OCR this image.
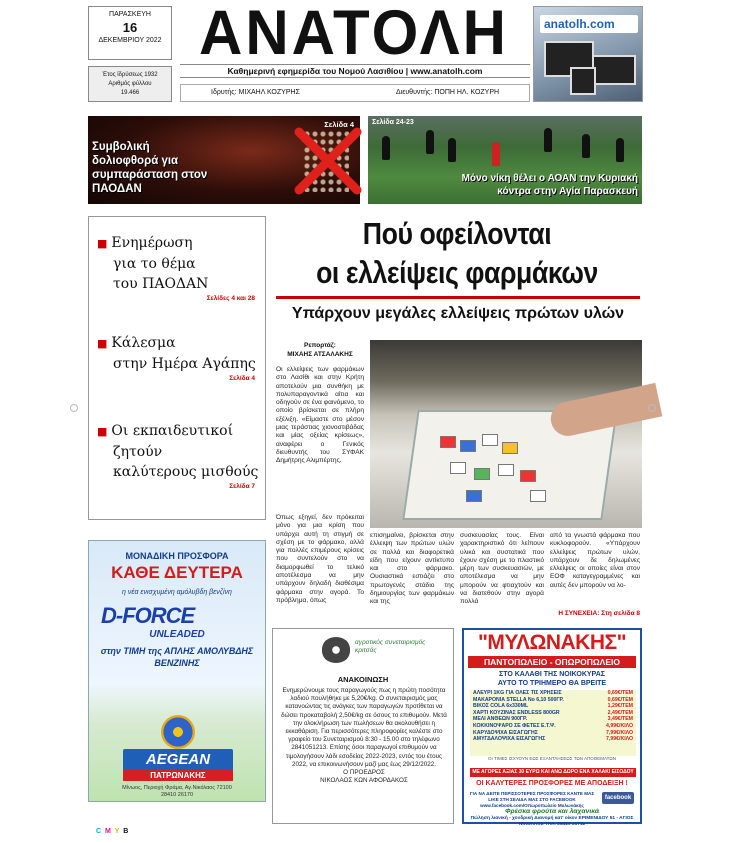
ΠΑΡΑΣΚΕΥΗ
16
ΔΕΚΕΜΒΡΙΟΥ 2022
Έτος ίδρύσεως 1932
Αριθμός φύλλου
19.466
ΑΝΑΤΟΛΗ
Καθημερινή εφημερίδα του Νομού Λασιθίου | www.anatolh.com
Ιδρυτής: ΜΙΧΑΗΛ ΚΟΖΥΡΗΣ	Διευθυντής: ΠΟΠΗ ΗΛ. ΚΟΖΥΡΗ
anatolh.com
Σελίδα 4
Συμβολική δολιοφθορά για συμπαράσταση στον ΠΑΟΔΑΝ
Σελίδα 24-23
Μόνο νίκη θέλει ο ΑΟΑΝ την Κυριακή κόντρα στην Αγία Παρασκευή
■ Ενημέρωση
για το θέμα
του ΠΑΟΔΑΝ
Σελίδες 4 και 28
■ Κάλεσμα
στην Ημέρα Αγάπης
Σελίδα 4
■ Οι εκπαιδευτικοί
ζητούν
καλύτερους μισθούς
Σελίδα 7
Πού οφείλονται
οι ελλείψεις φαρμάκων
Υπάρχουν μεγάλες ελλείψεις πρώτων υλών
Ρεπορτάζ:
ΜΙΧΑΗΣ ΑΤΣΑΛΑΚΗΣ
Οι ελλείψεις των φαρμάκων στο Λασίθι και στην Κρήτη αποτελούν μια συνθήκη με πολυπαραγοντικά αίτια και οδηγούν σε ένα φαινόμενο, το οποίο βρίσκεται σε πλήρη εξέλιξη. «Είμαστε στο μέσον μιας τεράστιας χιονοστιβάδας και μίας οξείας κρίσεως», αναφέρει ο Γενικός διευθυντής του ΣΥΦΑΚ Δημήτρης Αλιμπέρτης.
Όπως εξηγεί, δεν πρόκειται μόνο για μια κρίση που υπάρχει αυτή τη στιγμή σε σχέση με το φάρμακο, αλλά για πολλές επιμέρους κρίσεις που συντελούν στο να διαμορφωθεί το τελικό αποτέλεσμα να μην υπάρχουν δηλαδή διαθέσιμα φάρμακα στην αγορά. Το πρόβλημα, όπως
επισημαίνει, βρίσκεται στην έλλειψη των πρώτων υλών σε πολλά και διαφορετικά είδη που είχουν αντίκτυπο και στο φάρμακο. Ουσιαστικά εστιάζει στο πρωτογενές στάδιο της δημιουργίας των φαρμάκων και της
συσκευασίας τους. Είναι χαρακτηριστικό ότι λείπουν υλικά και συστατικά που έχουν σχέση με το πλαστικό μέρη των συσκευασιών, με αποτέλεσμα να μην μπορούν να φτιαχτούν και να διατεθούν στην αγορά πολλά
από τα γνωστά φάρμακα που κυκλοφορούν. «Υπάρχουν ελλείψεις πρώτων υλών, υπάρχουν δε δηλωμένες ελλείψεις οι οποίες είναι στον ΕΟΦ καταγεγραμμένες και αυτές δεν μπορούν να λο-
Η ΣΥΝΕΧΕΙΑ: Στη σελίδα 8
ΜΟΝΑΔΙΚΗ ΠΡΟΣΦΟΡΑ
ΚΑΘΕ ΔΕΥΤΕΡΑ
η νέα ενισχυμένη αμόλυβδη βενζίνη
D-FORCE
UNLEADED
στην ΤΙΜΗ της ΑΠΛΗΣ ΑΜΟΛΥΒΔΗΣ ΒΕΝΖΙΝΗΣ
AEGEAN
ΠΑΤΡΩΝΑΚΗΣ
Μίνωος, Περιοχή Φράμα, Αγ.Νικόλαος 72100
28410 26170
αγροτικός συνεταιρισμός κριτσάς
ΑΝΑΚΟΙΝΩΣΗ
Ενημερώνουμε τους παραγωγούς πως η πρώτη ποσότητα λαδιού πουλήθηκε με 5,20€/kg. Ο συνεταιρισμός μας κατανοώντας τις ανάγκες των παραγωγών προτίθεται να δώσει προκαταβολή 2,50€/kg σε όσους το επιθυμούν. Μετά την ολοκλήρωση των πωλήσεων θα ακολουθήσει η εκκαθάριση. Για περισσότερες πληροφορίες καλέστε στο γραφείο του Συνεταιρισμού 8:30 - 15.00 στο τηλέφωνο 2841051213. Επίσης όσοι παραγωγοί επιθυμούν να τιμολογήσουν λάδι εσοδείας 2022-2023, εντός του έτους 2022, να επικοινωνήσουν μαζί μας έως 29/12/2022.
Ο ΠΡΟΕΔΡΟΣ
ΝΙΚΟΛΑΟΣ ΚΩΝ ΑΦΟΡΔΑΚΟΣ
"ΜΥΛΩΝΑΚΗΣ"
ΠΑΝΤΟΠΩΛΕΙΟ - ΟΠΩΡΟΠΩΛΕΙΟ
ΣΤΟ ΚΑΛΑΘΙ ΤΗΣ ΝΟΙΚΟΚΥΡΑΣ
ΑΥΤΟ ΤΟ ΤΡΙΗΜΕΡΟ ΘΑ ΒΡΕΙΤΕ
ΑΛΕΥΡΙ 1KG ΓΙΑ ΟΛΕΣ ΤΙΣ ΧΡΗΣΕΙΣ	0,69€/TEM
ΜΑΚΑΡΟΝΙΑ STELLA No 6,10 500ΓΡ.	0,69€/TEM
ΒΙΚΟΣ COLA 6x330ML	1,29€/TEM
ΧΑΡΤΙ ΚΟΥΖΙΝΑΣ ENDLESS 800GR	2,49€/TEM
ΜΕΛΙ ΑΝΘΕΩΝ 900ΓΡ.	3,49€/TEM
ΚΟΚΚΙΝΟΨΑΡΟ ΣΕ ΦΕΤΕΣ Ε.Τ.Ψ.	4,99€/ΚΙΛΟ
ΚΑΡΥΔΟΨΙΧΑ ΕΙΣΑΓΩΓΗΣ	7,99€/ΚΙΛΟ
ΑΜΥΓΔΑΛΟΨΙΧΑ ΕΙΣΑΓΩΓΗΣ	7,99€/ΚΙΛΟ
ΟΙ ΤΙΜΕΣ ΙΣΧΥΟΥΝ ΕΩΣ ΕΞΑΝΤΛΗΣΕΩΣ ΤΩΝ ΑΠΟΘΕΜΑΤΩΝ
ΜΕ ΑΓΟΡΕΣ ΑΞΙΑΣ 30 ΕΥΡΩ ΚΑΙ ΑΝΩ ΔΩΡΟ ΕΝΑ ΧΑΛΑΚΙ ΕΙΣΟΔΟΥ
ΟΙ ΚΑΛΥΤΕΡΕΣ ΠΡΟΣΦΟΡΕΣ ΜΕ ΑΠΟΔΕΙΞΗ !
ΓΙΑ ΝΑ ΔΕΙΤΕ ΠΕΡΙΣΣΟΤΕΡΕΣ ΠΡΟΣΦΟΡΕΣ ΚΑΝΤΕ ΜΑΣ LIKE ΣΤΗ ΣΕΛΙΔΑ ΜΑΣ ΣΤΟ FACEBOOK www.facebook.com/Οπωροπωλείο Μυλωνάκης
facebook
Φρέσκα φρούτα και λαχανικά
Πώληση λιανική - χονδρική Διανομή κατ' οίκον ΕΡΙΜΕΝΙΔΟΥ 51 - ΑΓΙΟΣ ΝΙΚΟΛΑΟΣ ΤΗΛ. 28410 21711
C M Y B
